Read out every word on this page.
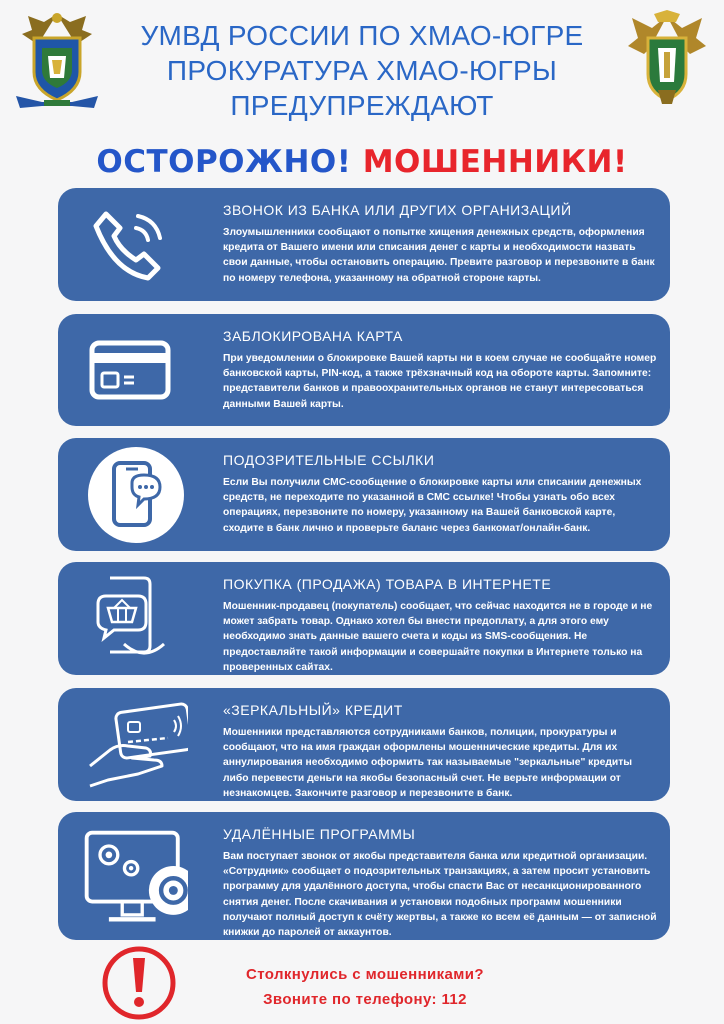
УМВД РОССИИ ПО ХМАО-ЮГРЕ
ПРОКУРАТУРА ХМАО-ЮГРЫ
ПРЕДУПРЕЖДАЮТ
ОСТОРОЖНО! МОШЕННИКИ!
ЗВОНОК ИЗ БАНКА ИЛИ ДРУГИХ ОРГАНИЗАЦИЙ
Злоумышленники сообщают о попытке хищения денежных средств, оформления кредита от Вашего имени или списания денег с карты и необходимости назвать свои данные, чтобы остановить операцию. Превите разговор и перезвоните в банк по номеру телефона, указанному на обратной стороне карты.
ЗАБЛОКИРОВАНА КАРТА
При уведомлении о блокировке Вашей карты ни в коем случае не сообщайте номер банковской карты, PIN-код, а также трёхзначный код на обороте карты. Запомните: представители банков и правоохранительных органов не станут интересоваться данными Вашей карты.
ПОДОЗРИТЕЛЬНЫЕ ССЫЛКИ
Если Вы получили СМС-сообщение о блокировке карты или списании денежных средств, не переходите по указанной в СМС ссылке! Чтобы узнать обо всех операциях, перезвоните по номеру, указанному на Вашей банковской карте, сходите в банк лично и проверьте баланс через банкомат/онлайн-банк.
ПОКУПКА (ПРОДАЖА) ТОВАРА В ИНТЕРНЕТЕ
Мошенник-продавец (покупатель) сообщает, что сейчас находится не в городе и не может забрать товар. Однако хотел бы внести предоплату, а для этого ему необходимо знать данные вашего счета и коды из SMS-сообщения. Не предоставляйте такой информации и совершайте покупки в Интернете только на проверенных сайтах.
«ЗЕРКАЛЬНЫЙ» КРЕДИТ
Мошенники представляются сотрудниками банков, полиции, прокуратуры и сообщают, что на имя граждан оформлены мошеннические кредиты. Для их аннулирования необходимо оформить так называемые "зеркальные" кредиты либо перевести деньги на якобы безопасный счет. Не верьте информации от незнакомцев. Закончите разговор и перезвоните в банк.
УДАЛЁННЫЕ ПРОГРАММЫ
Вам поступает звонок от якобы представителя банка или кредитной организации. «Сотрудник» сообщает о подозрительных транзакциях, а затем просит установить программу для удалённого доступа, чтобы спасти Вас от несанкционированного снятия денег. После скачивания и установки подобных программ мошенники получают полный доступ к счёту жертвы, а также ко всем её данным — от записной книжки до паролей от аккаунтов.
Столкнулись с мошенниками?
Звоните по телефону: 112
